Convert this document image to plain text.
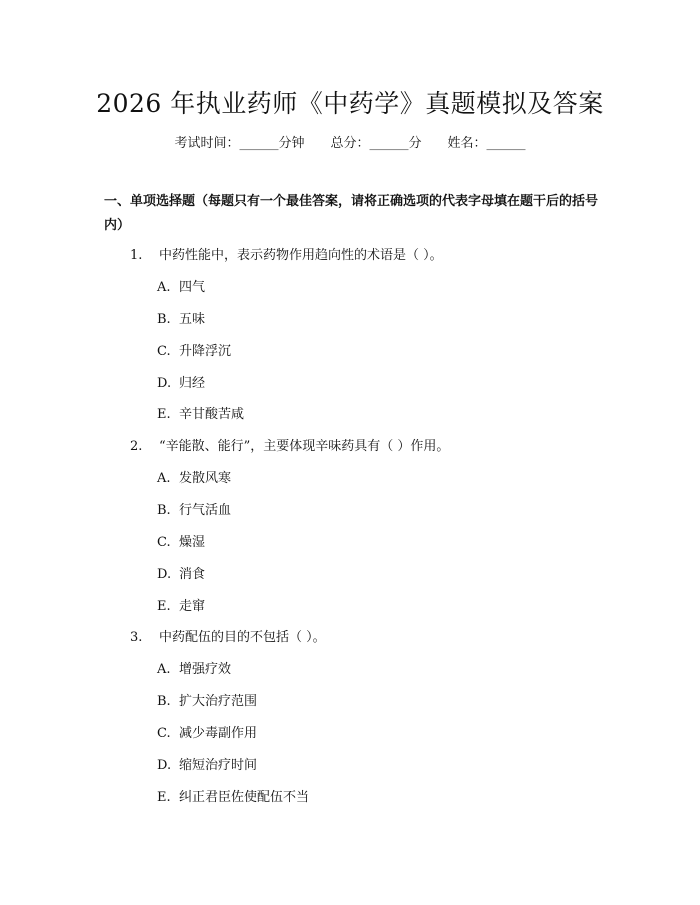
2026 年执业药师《中药学》真题模拟及答案
考试时间：______分钟 总分：______分 姓名：______
一、单项选择题（每题只有一个最佳答案，请将正确选项的代表字母填在题干后的括号内）
1. 中药性能中，表示药物作用趋向性的术语是（ ）。
A. 四气
B. 五味
C. 升降浮沉
D. 归经
E. 辛甘酸苦咸
2. “辛能散、能行”，主要体现辛味药具有（ ）作用。
A. 发散风寒
B. 行气活血
C. 燥湿
D. 消食
E. 走窜
3. 中药配伍的目的不包括（ ）。
A. 增强疗效
B. 扩大治疗范围
C. 减少毒副作用
D. 缩短治疗时间
E. 纠正君臣佐使配伍不当
